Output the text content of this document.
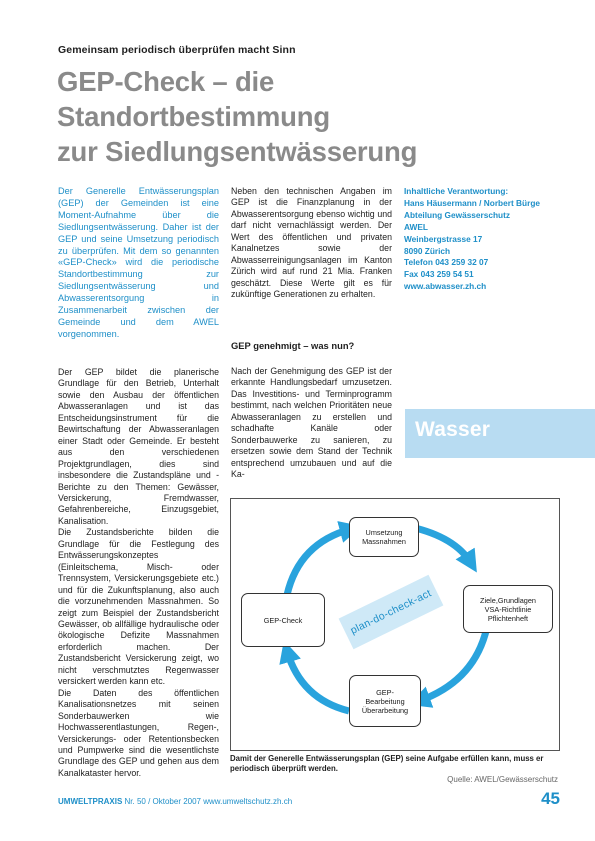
Gemeinsam periodisch überprüfen macht Sinn
GEP-Check – die Standortbestimmung
zur Siedlungsentwässerung
Der Generelle Entwässerungsplan (GEP) der Gemeinden ist eine Moment-Aufnahme über die Siedlungsentwässerung. Daher ist der GEP und seine Umsetzung periodisch zu überprüfen. Mit dem so genannten «GEP-Check» wird die periodische Standortbestimmung zur Siedlungsentwässerung und Abwasserentsorgung in Zusammenarbeit zwischen der Gemeinde und dem AWEL vorgenommen.
Der GEP bildet die planerische Grundlage für den Betrieb, Unterhalt sowie den Ausbau der öffentlichen Abwasseranlagen und ist das Entscheidungsinstrument für die Bewirtschaftung der Abwasseranlagen einer Stadt oder Gemeinde. Er besteht aus den verschiedenen Projektgrundlagen, dies sind insbesondere die Zustandspläne und -Berichte zu den Themen: Gewässer, Versickerung, Fremdwasser, Gefahrenbereiche, Einzugsgebiet, Kanalisation.
Die Zustandsberichte bilden die Grundlage für die Festlegung des Entwässerungskonzeptes (Einleitschema, Misch- oder Trennsystem, Versickerungsgebiete etc.) und für die Zukunftsplanung, also auch die vorzunehmenden Massnahmen. So zeigt zum Beispiel der Zustandsbericht Gewässer, ob allfällige hydraulische oder ökologische Defizite Massnahmen erforderlich machen. Der Zustandsbericht Versickerung zeigt, wo nicht verschmutztes Regenwasser versickert werden kann etc.
Die Daten des öffentlichen Kanalisationsnetzes mit seinen Sonderbauwerken wie Hochwasserentlastungen, Regen-, Versickerungs- oder Retentionsbecken und Pumpwerke sind die wesentlichste Grundlage des GEP und gehen aus dem Kanalkataster hervor.
Neben den technischen Angaben im GEP ist die Finanzplanung in der Abwasserentsorgung ebenso wichtig und darf nicht vernachlässigt werden. Der Wert des öffentlichen und privaten Kanalnetzes sowie der Abwasserreinigungsanlagen im Kanton Zürich wird auf rund 21 Mia. Franken geschätzt. Diese Werte gilt es für zukünftige Generationen zu erhalten.
GEP genehmigt – was nun?
Nach der Genehmigung des GEP ist der erkannte Handlungsbedarf umzusetzen. Das Investitions- und Terminprogramm bestimmt, nach welchen Prioritäten neue Abwasseranlagen zu erstellen und schadhafte Kanäle oder Sonderbauwerke zu sanieren, zu ersetzen sowie dem Stand der Technik entsprechend umzubauen und auf die Ka-
Inhaltliche Verantwortung:
Hans Häusermann / Norbert Bürge
Abteilung Gewässerschutz
AWEL
Weinbergstrasse 17
8090 Zürich
Telefon 043 259 32 07
Fax 043 259 54 51
www.abwasser.zh.ch
Wasser
Umsetzung
Massnahmen
Ziele,Grundlagen
VSA-Richtlinie
Pflichtenheft
GEP-
Bearbeitung
Überarbeitung
GEP-Check	plan-do-check-act
Damit der Generelle Entwässerungsplan (GEP) seine Aufgabe erfüllen kann, muss er periodisch überprüft werden.
Quelle: AWEL/Gewässerschutz
UMWELTPRAXIS Nr. 50 / Oktober 2007 www.umweltschutz.zh.ch	45
